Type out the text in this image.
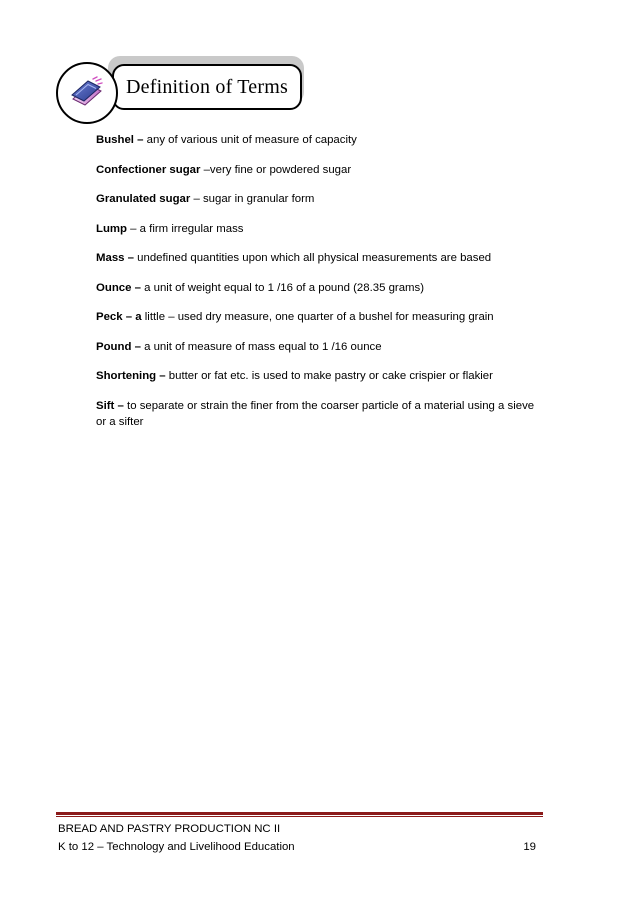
Definition of Terms

Bushel – any of various unit of measure of capacity

Confectioner sugar –very fine or powdered sugar

Granulated sugar – sugar in granular form

Lump – a firm irregular mass

Mass – undefined quantities upon which all physical measurements are based

Ounce – a unit of weight equal to 1 /16 of a pound (28.35 grams)

Peck – a little – used dry measure, one quarter of a bushel for measuring grain

Pound – a unit of measure of mass equal to 1 /16 ounce

Shortening – butter or fat etc. is used to make pastry or cake crispier or flakier

Sift – to separate or strain the finer from the coarser particle of a material using a sieve or a sifter

BREAD AND PASTRY PRODUCTION NC II
K to 12 – Technology and Livelihood Education	19
